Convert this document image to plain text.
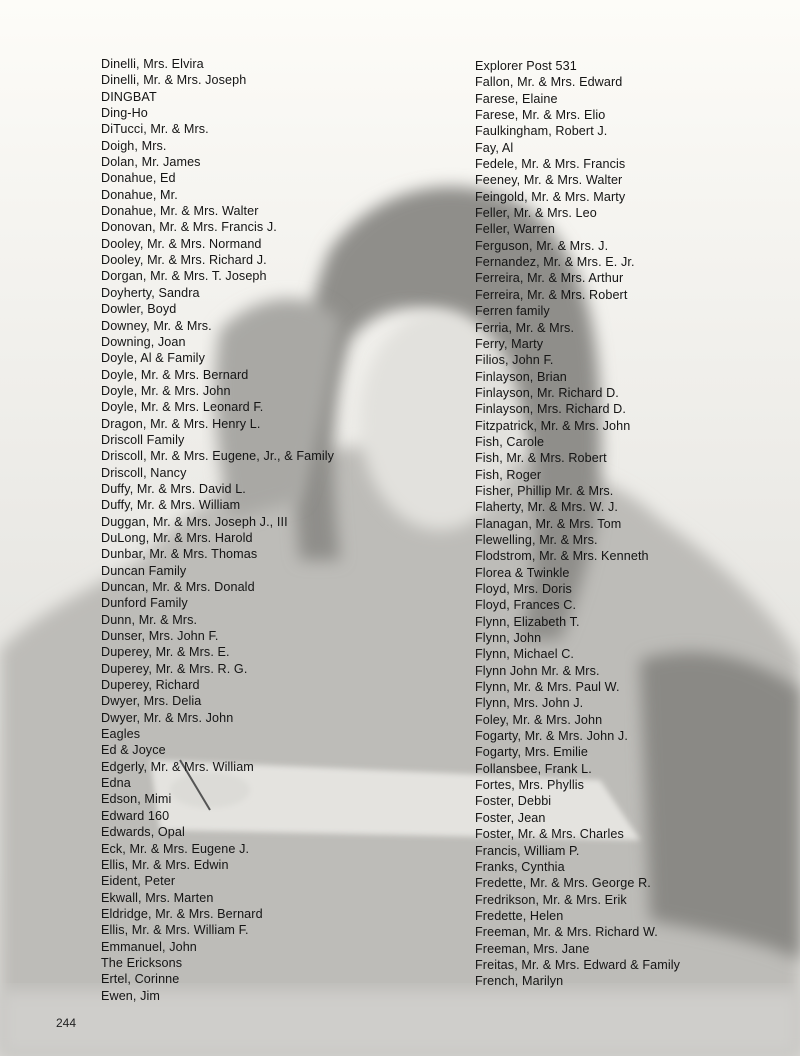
Dinelli, Mrs. Elvira
Dinelli, Mr. & Mrs. Joseph
DINGBAT
Ding-Ho
DiTucci, Mr. & Mrs.
Doigh, Mrs.
Dolan, Mr. James
Donahue, Ed
Donahue, Mr.
Donahue, Mr. & Mrs. Walter
Donovan, Mr. & Mrs. Francis J.
Dooley, Mr. & Mrs. Normand
Dooley, Mr. & Mrs. Richard J.
Dorgan, Mr. & Mrs. T. Joseph
Doyherty, Sandra
Dowler, Boyd
Downey, Mr. & Mrs.
Downing, Joan
Doyle, Al & Family
Doyle, Mr. & Mrs. Bernard
Doyle, Mr. & Mrs. John
Doyle, Mr. & Mrs. Leonard F.
Dragon, Mr. & Mrs. Henry L.
Driscoll Family
Driscoll, Mr. & Mrs. Eugene, Jr., & Family
Driscoll, Nancy
Duffy, Mr. & Mrs. David L.
Duffy, Mr. & Mrs. William
Duggan, Mr. & Mrs. Joseph J., III
DuLong, Mr. & Mrs. Harold
Dunbar, Mr. & Mrs. Thomas
Duncan Family
Duncan, Mr. & Mrs. Donald
Dunford Family
Dunn, Mr. & Mrs.
Dunser, Mrs. John F.
Duperey, Mr. & Mrs. E.
Duperey, Mr. & Mrs. R. G.
Duperey, Richard
Dwyer, Mrs. Delia
Dwyer, Mr. & Mrs. John
Eagles
Ed & Joyce
Edgerly, Mr. & Mrs. William
Edna
Edson, Mimi
Edward 160
Edwards, Opal
Eck, Mr. & Mrs. Eugene J.
Ellis, Mr. & Mrs. Edwin
Eident, Peter
Ekwall, Mrs. Marten
Eldridge, Mr. & Mrs. Bernard
Ellis, Mr. & Mrs. William F.
Emmanuel, John
The Ericksons
Ertel, Corinne
Ewen, Jim
Explorer Post 531
Fallon, Mr. & Mrs. Edward
Farese, Elaine
Farese, Mr. & Mrs. Elio
Faulkingham, Robert J.
Fay, Al
Fedele, Mr. & Mrs. Francis
Feeney, Mr. & Mrs. Walter
Feingold, Mr. & Mrs. Marty
Feller, Mr. & Mrs. Leo
Feller, Warren
Ferguson, Mr. & Mrs. J.
Fernandez, Mr. & Mrs. E. Jr.
Ferreira, Mr. & Mrs. Arthur
Ferreira, Mr. & Mrs. Robert
Ferren family
Ferria, Mr. & Mrs.
Ferry, Marty
Filios, John F.
Finlayson, Brian
Finlayson, Mr. Richard D.
Finlayson, Mrs. Richard D.
Fitzpatrick, Mr. & Mrs. John
Fish, Carole
Fish, Mr. & Mrs. Robert
Fish, Roger
Fisher, Phillip Mr. & Mrs.
Flaherty, Mr. & Mrs. W. J.
Flanagan, Mr. & Mrs. Tom
Flewelling, Mr. & Mrs.
Flodstrom, Mr. & Mrs. Kenneth
Florea & Twinkle
Floyd, Mrs. Doris
Floyd, Frances C.
Flynn, Elizabeth T.
Flynn, John
Flynn, Michael C.
Flynn John Mr. & Mrs.
Flynn, Mr. & Mrs. Paul W.
Flynn, Mrs. John J.
Foley, Mr. & Mrs. John
Fogarty, Mr. & Mrs. John J.
Fogarty, Mrs. Emilie
Follansbee, Frank L.
Fortes, Mrs. Phyllis
Foster, Debbi
Foster, Jean
Foster, Mr. & Mrs. Charles
Francis, William P.
Franks, Cynthia
Fredette, Mr. & Mrs. George R.
Fredrikson, Mr. & Mrs. Erik
Fredette, Helen
Freeman, Mr. & Mrs. Richard W.
Freeman, Mrs. Jane
Freitas, Mr. & Mrs. Edward & Family
French, Marilyn
244
